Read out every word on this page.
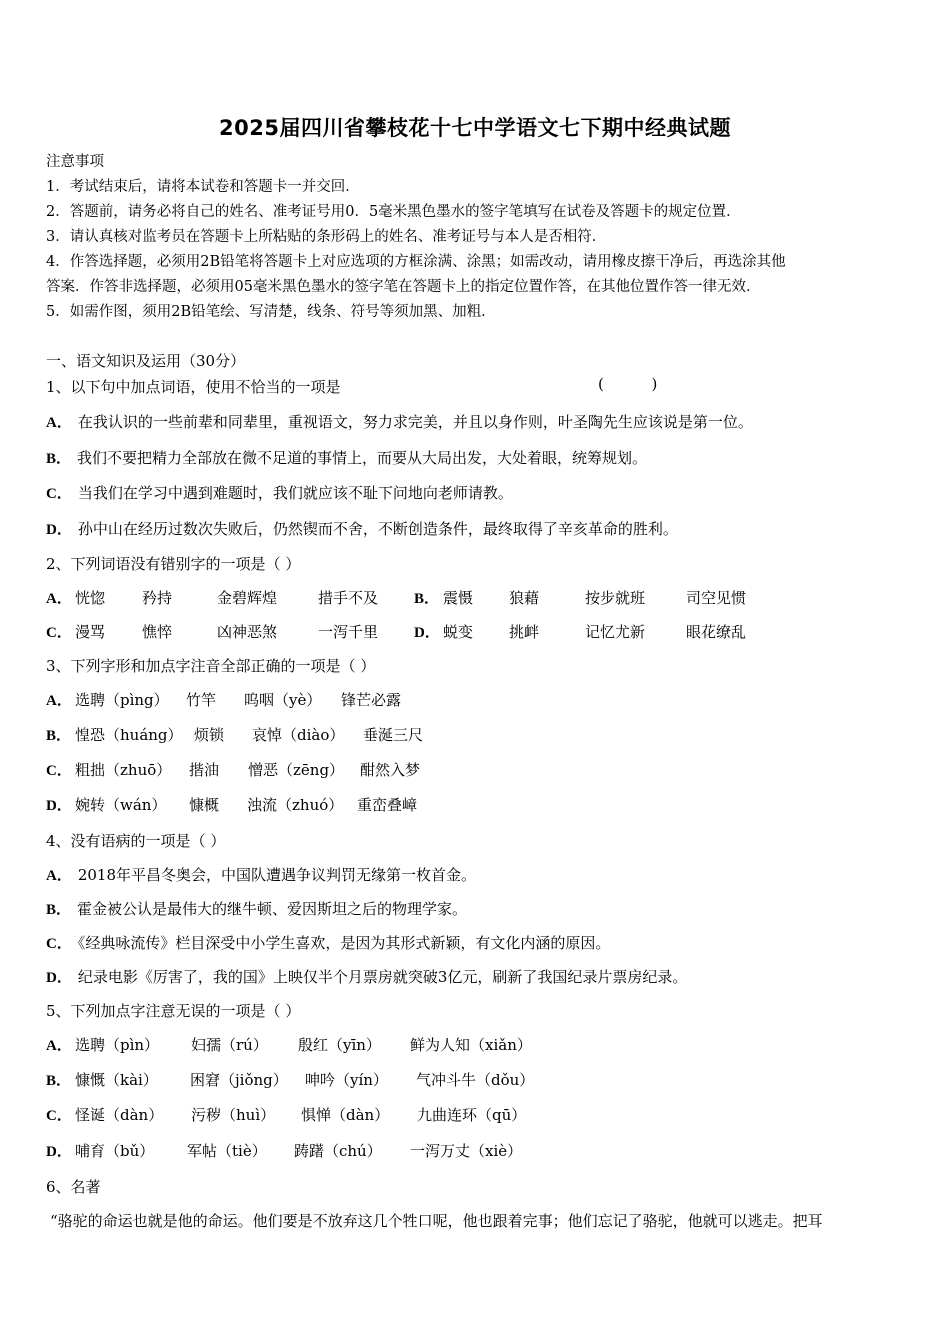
2025届四川省攀枝花十七中学语文七下期中经典试题

注意事项

1．考试结束后，请将本试卷和答题卡一并交回．

2．答题前，请务必将自己的姓名、准考证号用0．5毫米黑色墨水的签字笔填写在试卷及答题卡的规定位置．

3．请认真核对监考员在答题卡上所粘贴的条形码上的姓名、准考证号与本人是否相符．

4．作答选择题，必须用2B铅笔将答题卡上对应选项的方框涂满、涂黑；如需改动，请用橡皮擦干净后，再选涂其他

答案．作答非选择题，必须用05毫米黑色墨水的签字笔在答题卡上的指定位置作答，在其他位置作答一律无效．

5．如需作图，须用2B铅笔绘、写清楚，线条、符号等须加黑、加粗．

一、语文知识及运用（30分）
1、以下句中加点词语，使用不恰当的一项是	(          )
A． 在我认识的一些前辈和同辈里，重视语文，努力求完美，并且以身作则，叶圣陶先生应该说是第一位。
B． 我们不要把精力全部放在微不足道的事情上，而要从大局出发，大处着眼，统筹规划。
C． 当我们在学习中遇到难题时，我们就应该不耻下问地向老师请教。
D． 孙中山在经历过数次失败后，仍然锲而不舍，不断创造条件，最终取得了辛亥革命的胜利。
2、下列词语没有错别字的一项是（ ）
A． 恍惚 矜持	金碧辉煌	措手不及 B． 震慑 狼藉	按步就班	司空见惯
C． 漫骂 憔悴	凶神恶煞	一泻千里 D． 蜕变 挑衅	记忆尤新	眼花缭乱
3、下列字形和加点字注音全部正确的一项是（ ）
A． 选聘（pìng） 竹竿 呜咽（yè） 锋芒必露
B． 惶恐（huáng） 烦锁 哀悼（diào） 垂涎三尺
C． 粗拙（zhuō） 揩油 憎恶（zēng） 酣然入梦
D． 婉转（wán） 慷概 浊流（zhuó） 重峦叠嶂
4、没有语病的一项是（ ）
A． 2018年平昌冬奥会，中国队遭遇争议判罚无缘第一枚首金。
B． 霍金被公认是最伟大的继牛顿、爱因斯坦之后的物理学家。
C． 《经典咏流传》栏目深受中小学生喜欢，是因为其形式新颖，有文化内涵的原因。
D． 纪录电影《厉害了，我的国》上映仅半个月票房就突破3亿元，刷新了我国纪录片票房纪录。
5、下列加点字注意无误的一项是（ ）
A． 选聘（pìn） 妇孺（rú） 殷红（yīn） 鲜为人知（xiǎn）
B． 慷慨（kài） 困窘（jiǒng） 呻吟（yín） 气冲斗牛（dǒu）
C． 怪诞（dàn） 污秽（huì） 惧惮（dàn） 九曲连环（qū）
D． 哺育（bǔ） 军帖（tiè） 踌躇（chú） 一泻万丈（xiè）
6、名著
“骆驼的命运也就是他的命运。他们要是不放弃这几个牲口呢，他也跟着完事；他们忘记了骆驼，他就可以逃走。把耳
